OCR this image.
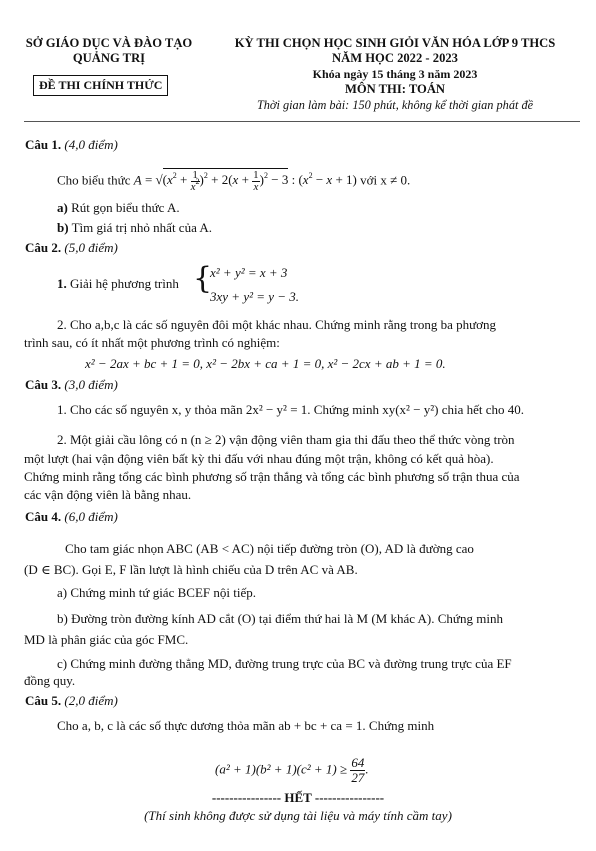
SỞ GIÁO DỤC VÀ ĐÀO TẠO
QUẢNG TRỊ
ĐỀ THI CHÍNH THỨC
KỲ THI CHỌN HỌC SINH GIỎI VĂN HÓA LỚP 9 THCS
NĂM HỌC 2022 - 2023
Khóa ngày 15 tháng 3 năm 2023
MÔN THI: TOÁN
Thời gian làm bài: 150 phút, không kể thời gian phát đề
Câu 1. (4,0 điểm)
Cho biểu thức $A = √(x^2 + \frac{1}{x^2} )^2 + 2(x + \frac{1}{x} )^2 - 3$ : $(x^2 - x + 1)$ với x ≠ 0.
a) Rút gọn biểu thức A.
b) Tìm giá trị nhỏ nhất của A.
Câu 2. (5,0 điểm)
1. Giải hệ phương trình {
x² + y² = x + 3
3xy + y² = y − 3.
2. Cho a,b,c là các số nguyên đôi một khác nhau. Chứng minh rằng trong ba phương
trình sau, có ít nhất một phương trình có nghiệm:
x² − 2ax + bc + 1 = 0, x² − 2bx + ca + 1 = 0, x² − 2cx + ab + 1 = 0.
Câu 3. (3,0 điểm)
1. Cho các số nguyên x, y thỏa mãn 2x² − y² = 1. Chứng minh xy(x² − y²) chia hết cho 40.
2. Một giải cầu lông có n (n ≥ 2) vận động viên tham gia thi đấu theo thể thức vòng tròn
một lượt (hai vận động viên bất kỳ thi đấu với nhau đúng một trận, không có kết quả hòa).
Chứng minh rằng tổng các bình phương số trận thắng và tổng các bình phương số trận thua của
các vận động viên là bằng nhau.
Câu 4. (6,0 điểm)
Cho tam giác nhọn ABC (AB < AC) nội tiếp đường tròn (O), AD là đường cao
(D ∈ BC). Gọi E, F lần lượt là hình chiếu của D trên AC và AB.
a) Chứng minh tứ giác BCEF nội tiếp.
b) Đường tròn đường kính AD cắt (O) tại điểm thứ hai là M (M khác A). Chứng minh
MD là phân giác của góc FMC.
c) Chứng minh đường thẳng MD, đường trung trực của BC và đường trung trực của EF
đồng quy.
Câu 5. (2,0 điểm)
Cho a, b, c là các số thực dương thỏa mãn ab + bc + ca = 1. Chứng minh
$(a^2 + 1)(b^2 + 1)(c^2 + 1) \ge \frac{64}{27}$ .
---------------- HẾT ----------------
(Thí sinh không được sử dụng tài liệu và máy tính cầm tay)
